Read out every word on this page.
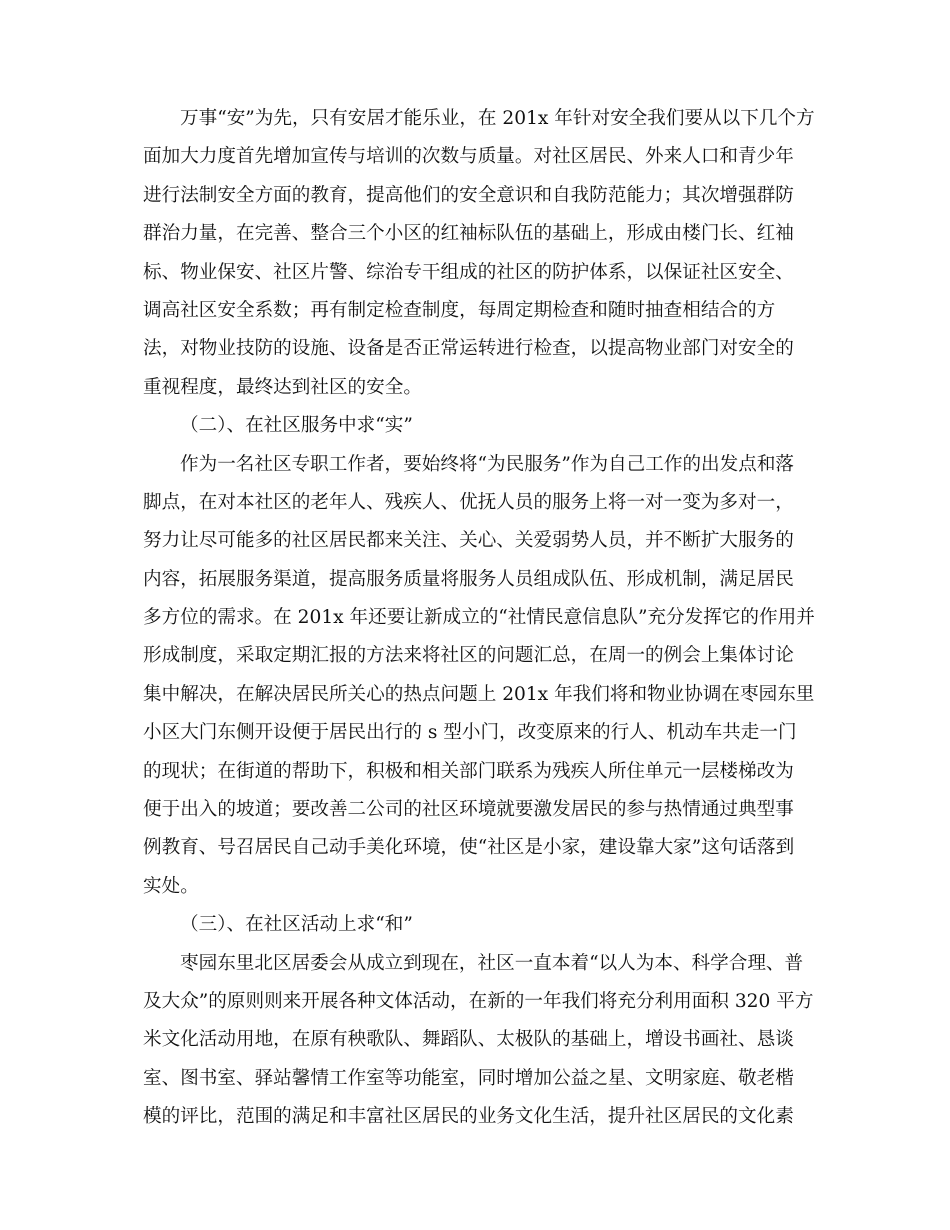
万事“安”为先，只有安居才能乐业，在 201x 年针对安全我们要从以下几个方
面加大力度首先增加宣传与培训的次数与质量。对社区居民、外来人口和青少年
进行法制安全方面的教育，提高他们的安全意识和自我防范能力；其次增强群防
群治力量，在完善、整合三个小区的红袖标队伍的基础上，形成由楼门长、红袖
标、物业保安、社区片警、综治专干组成的社区的防护体系，以保证社区安全、
调高社区安全系数；再有制定检查制度，每周定期检查和随时抽查相结合的方
法，对物业技防的设施、设备是否正常运转进行检查，以提高物业部门对安全的
重视程度，最终达到社区的安全。
（二）、在社区服务中求“实”
作为一名社区专职工作者，要始终将“为民服务”作为自己工作的出发点和落
脚点，在对本社区的老年人、残疾人、优抚人员的服务上将一对一变为多对一，
努力让尽可能多的社区居民都来关注、关心、关爱弱势人员，并不断扩大服务的
内容，拓展服务渠道，提高服务质量将服务人员组成队伍、形成机制，满足居民
多方位的需求。在 201x 年还要让新成立的“社情民意信息队”充分发挥它的作用并
形成制度，采取定期汇报的方法来将社区的问题汇总，在周一的例会上集体讨论
集中解决，在解决居民所关心的热点问题上 201x 年我们将和物业协调在枣园东里
小区大门东侧开设便于居民出行的 s 型小门，改变原来的行人、机动车共走一门
的现状；在街道的帮助下，积极和相关部门联系为残疾人所住单元一层楼梯改为
便于出入的坡道；要改善二公司的社区环境就要激发居民的参与热情通过典型事
例教育、号召居民自己动手美化环境，使“社区是小家，建设靠大家”这句话落到
实处。
（三）、在社区活动上求“和”
枣园东里北区居委会从成立到现在，社区一直本着“以人为本、科学合理、普
及大众”的原则则来开展各种文体活动，在新的一年我们将充分利用面积 320 平方
米文化活动用地，在原有秧歌队、舞蹈队、太极队的基础上，增设书画社、恳谈
室、图书室、驿站馨情工作室等功能室，同时增加公益之星、文明家庭、敬老楷
模的评比，范围的满足和丰富社区居民的业务文化生活，提升社区居民的文化素
